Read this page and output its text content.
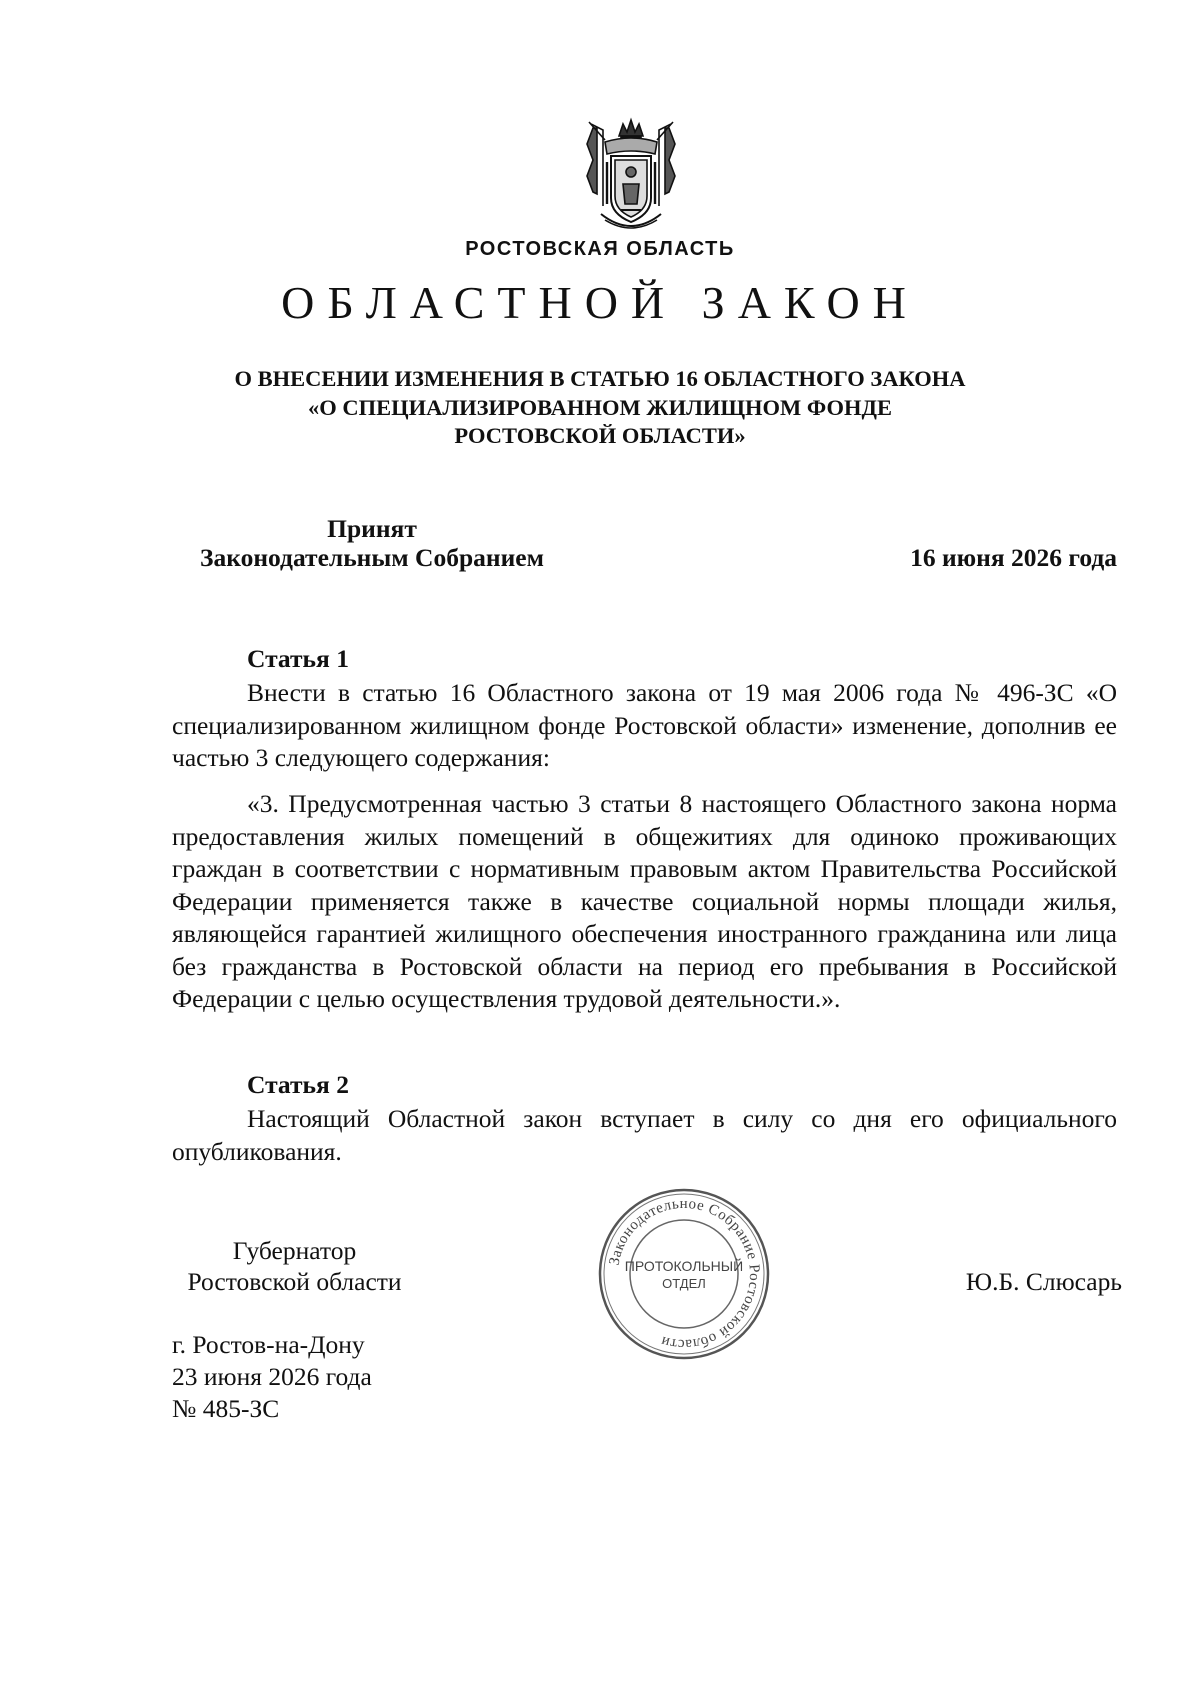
РОСТОВСКАЯ ОБЛАСТЬ
ОБЛАСТНОЙ ЗАКОН
О ВНЕСЕНИИ ИЗМЕНЕНИЯ В СТАТЬЮ 16 ОБЛАСТНОГО ЗАКОНА
«О СПЕЦИАЛИЗИРОВАННОМ ЖИЛИЩНОМ ФОНДЕ
РОСТОВСКОЙ ОБЛАСТИ»
Принят
Законодательным Собранием	16 июня 2026 года
Статья 1

Внести в статью 16 Областного закона от 19 мая 2006 года № 496-ЗС «О специализированном жилищном фонде Ростовской области» изменение, дополнив ее частью 3 следующего содержания:

«3. Предусмотренная частью 3 статьи 8 настоящего Областного закона норма предоставления жилых помещений в общежитиях для одиноко проживающих граждан в соответствии с нормативным правовым актом Правительства Российской Федерации применяется также в качестве социальной нормы площади жилья, являющейся гарантией жилищного обеспечения иностранного гражданина или лица без гражданства в Ростовской области на период его пребывания в Российской Федерации с целью осуществления трудовой деятельности.».

Статья 2

Настоящий Областной закон вступает в силу со дня его официального опубликования.

Губернатор
Ростовской области	Ю.Б. Слюсарь
Законодательное Собрание Ростовской области
ПРОТОКОЛЬНЫЙ
ОТДЕЛ
г. Ростов-на-Дону
23 июня 2026 года
№ 485-ЗС
